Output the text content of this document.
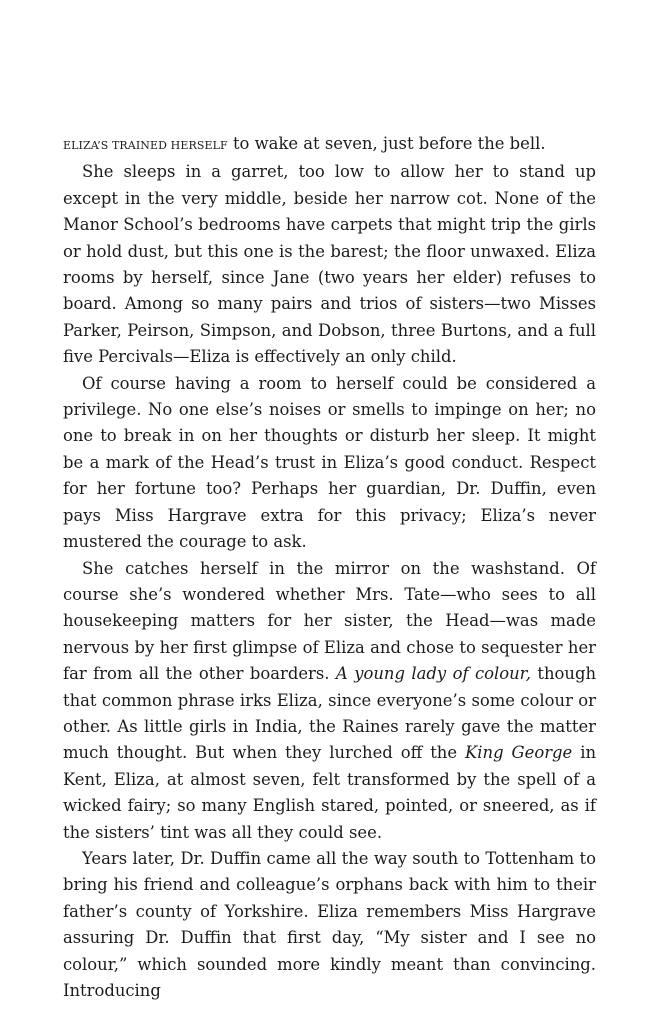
ELIZA’S TRAINED HERSELF to wake at seven, just before the bell.

She sleeps in a garret, too low to allow her to stand up except in the very middle, beside her narrow cot. None of the Manor School’s bedrooms have carpets that might trip the girls or hold dust, but this one is the barest; the floor unwaxed. Eliza rooms by herself, since Jane (two years her elder) refuses to board. Among so many pairs and trios of sisters—two Misses Parker, Peirson, Simpson, and Dobson, three Burtons, and a full five Percivals—Eliza is effectively an only child.

Of course having a room to herself could be considered a privilege. No one else’s noises or smells to impinge on her; no one to break in on her thoughts or disturb her sleep. It might be a mark of the Head’s trust in Eliza’s good conduct. Respect for her fortune too? Perhaps her guardian, Dr. Duffin, even pays Miss Hargrave extra for this privacy; Eliza’s never mustered the courage to ask.

She catches herself in the mirror on the washstand. Of course she’s wondered whether Mrs. Tate—who sees to all housekeeping matters for her sister, the Head—was made nervous by her first glimpse of Eliza and chose to sequester her far from all the other boarders. A young lady of colour, though that common phrase irks Eliza, since everyone’s some colour or other. As little girls in India, the Raines rarely gave the matter much thought. But when they lurched off the King George in Kent, Eliza, at almost seven, felt transformed by the spell of a wicked fairy; so many English stared, pointed, or sneered, as if the sisters’ tint was all they could see.

Years later, Dr. Duffin came all the way south to Tottenham to bring his friend and colleague’s orphans back with him to their father’s county of Yorkshire. Eliza remembers Miss Hargrave assuring Dr. Duffin that first day, “My sister and I see no colour,” which sounded more kindly meant than convincing. Introducing
